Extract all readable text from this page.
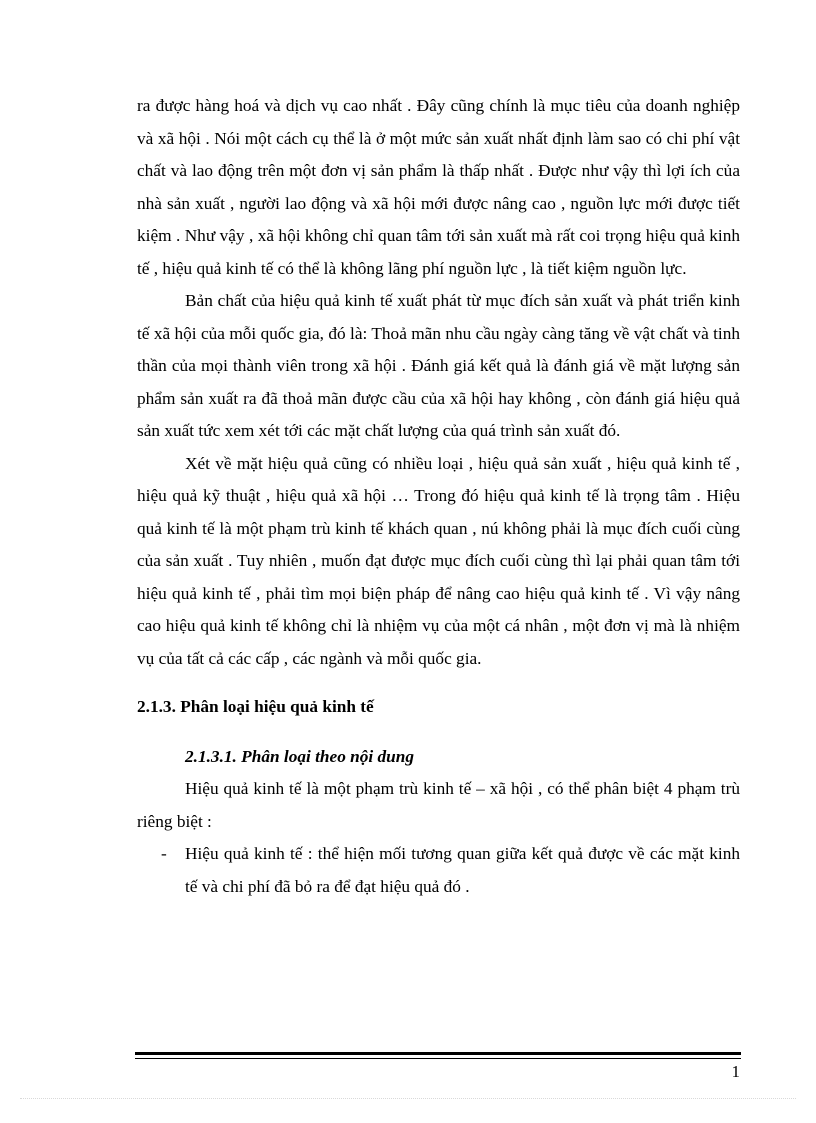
ra được hàng hoá và dịch vụ cao nhất . Đây cũng chính là mục tiêu của doanh nghiệp và xã hội . Nói một cách cụ thể là ở một mức sản xuất nhất định làm sao có chi phí vật chất và lao động trên một đơn vị sản phẩm là thấp nhất . Được như vậy thì lợi ích của nhà sản xuất , người lao động và xã hội mới được nâng cao , nguồn lực mới được tiết kiệm . Như vậy , xã hội không chỉ quan tâm tới sản xuất mà rất coi trọng hiệu quả kinh tế , hiệu quả kinh tế có thể là không lãng phí nguồn lực , là tiết kiệm nguồn lực.

Bản chất của hiệu quả kinh tế xuất phát từ mục đích sản xuất và phát triển kinh tế xã hội của mỗi quốc gia, đó là: Thoả mãn nhu cầu ngày càng tăng về vật chất và tinh thần của mọi thành viên trong xã hội . Đánh giá kết quả là đánh giá về mặt lượng sản phẩm sản xuất ra đã thoả mãn được cầu của xã hội hay không , còn đánh giá hiệu quả sản xuất tức xem xét tới các mặt chất lượng của quá trình sản xuất đó.

Xét về mặt hiệu quả cũng có nhiều loại , hiệu quả sản xuất , hiệu quả kinh tế , hiệu quả kỹ thuật , hiệu quả xã hội … Trong đó hiệu quả kinh tế là trọng tâm . Hiệu quả kinh tế là một phạm trù kinh tế khách quan , nú không phải là mục đích cuối cùng của sản xuất . Tuy nhiên , muốn đạt được mục đích cuối cùng thì lại phải quan tâm tới hiệu quả kinh tế , phải tìm mọi biện pháp để nâng cao hiệu quả kinh tế . Vì vậy nâng cao hiệu quả kinh tế không chỉ là nhiệm vụ của một cá nhân , một đơn vị mà là nhiệm vụ của tất cả các cấp , các ngành và mỗi quốc gia.

2.1.3. Phân loại hiệu quả kinh tế

2.1.3.1. Phân loại theo nội dung

Hiệu quả kinh tế là một phạm trù kinh tế – xã hội , có thể phân biệt 4 phạm trù riêng biệt :

- Hiệu quả kinh tế : thể hiện mối tương quan giữa kết quả được về các mặt kinh tế và chi phí đã bỏ ra để đạt hiệu quả đó .

1
